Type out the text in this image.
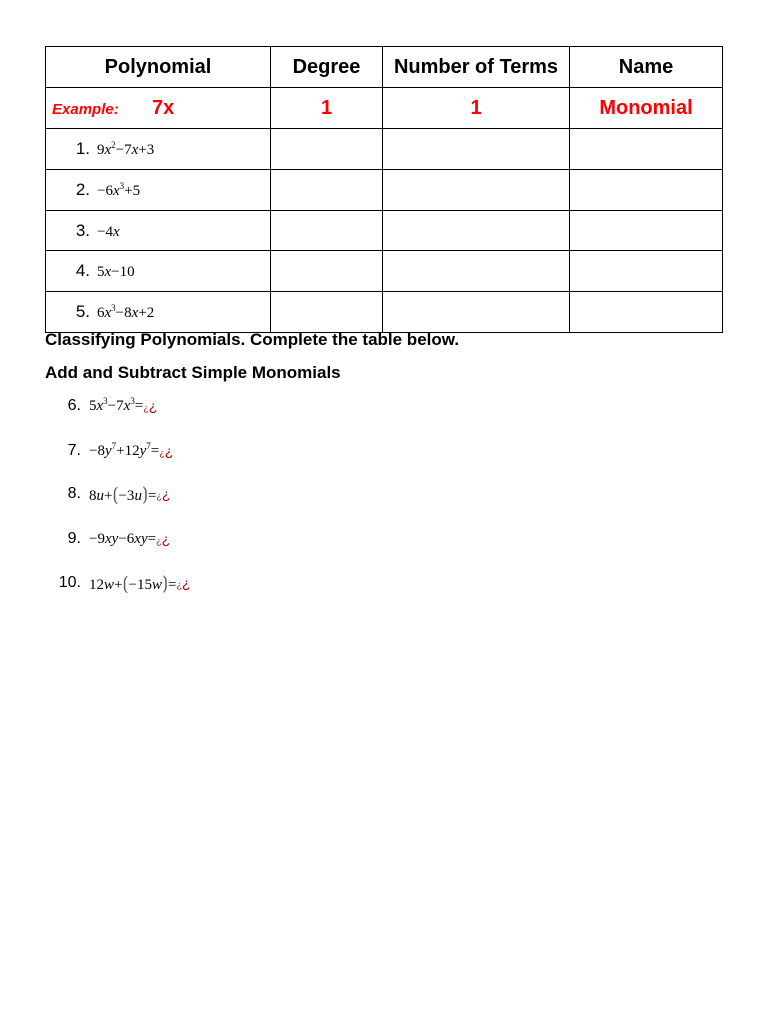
Polynomial	Degree	Number of Terms	Name
Example: 7x	1	1	Monomial
1. $9x^2-7x+3$			
2. $-6x^3+5$			
3. −4x			
4. 5x−10			
5. $6x^3-8x+2$			
Classifying Polynomials. Complete the table below.
Add and Subtract Simple Monomials
6. $5x^3-7x^3=$ ¿¿
7. $-8y^7+12y^7=$ ¿¿
8. 8u+⟮−3u⟯= ¿¿
9. −9xy−6xy= ¿¿
10. 12w+⟮−15w⟯= ¿¿
